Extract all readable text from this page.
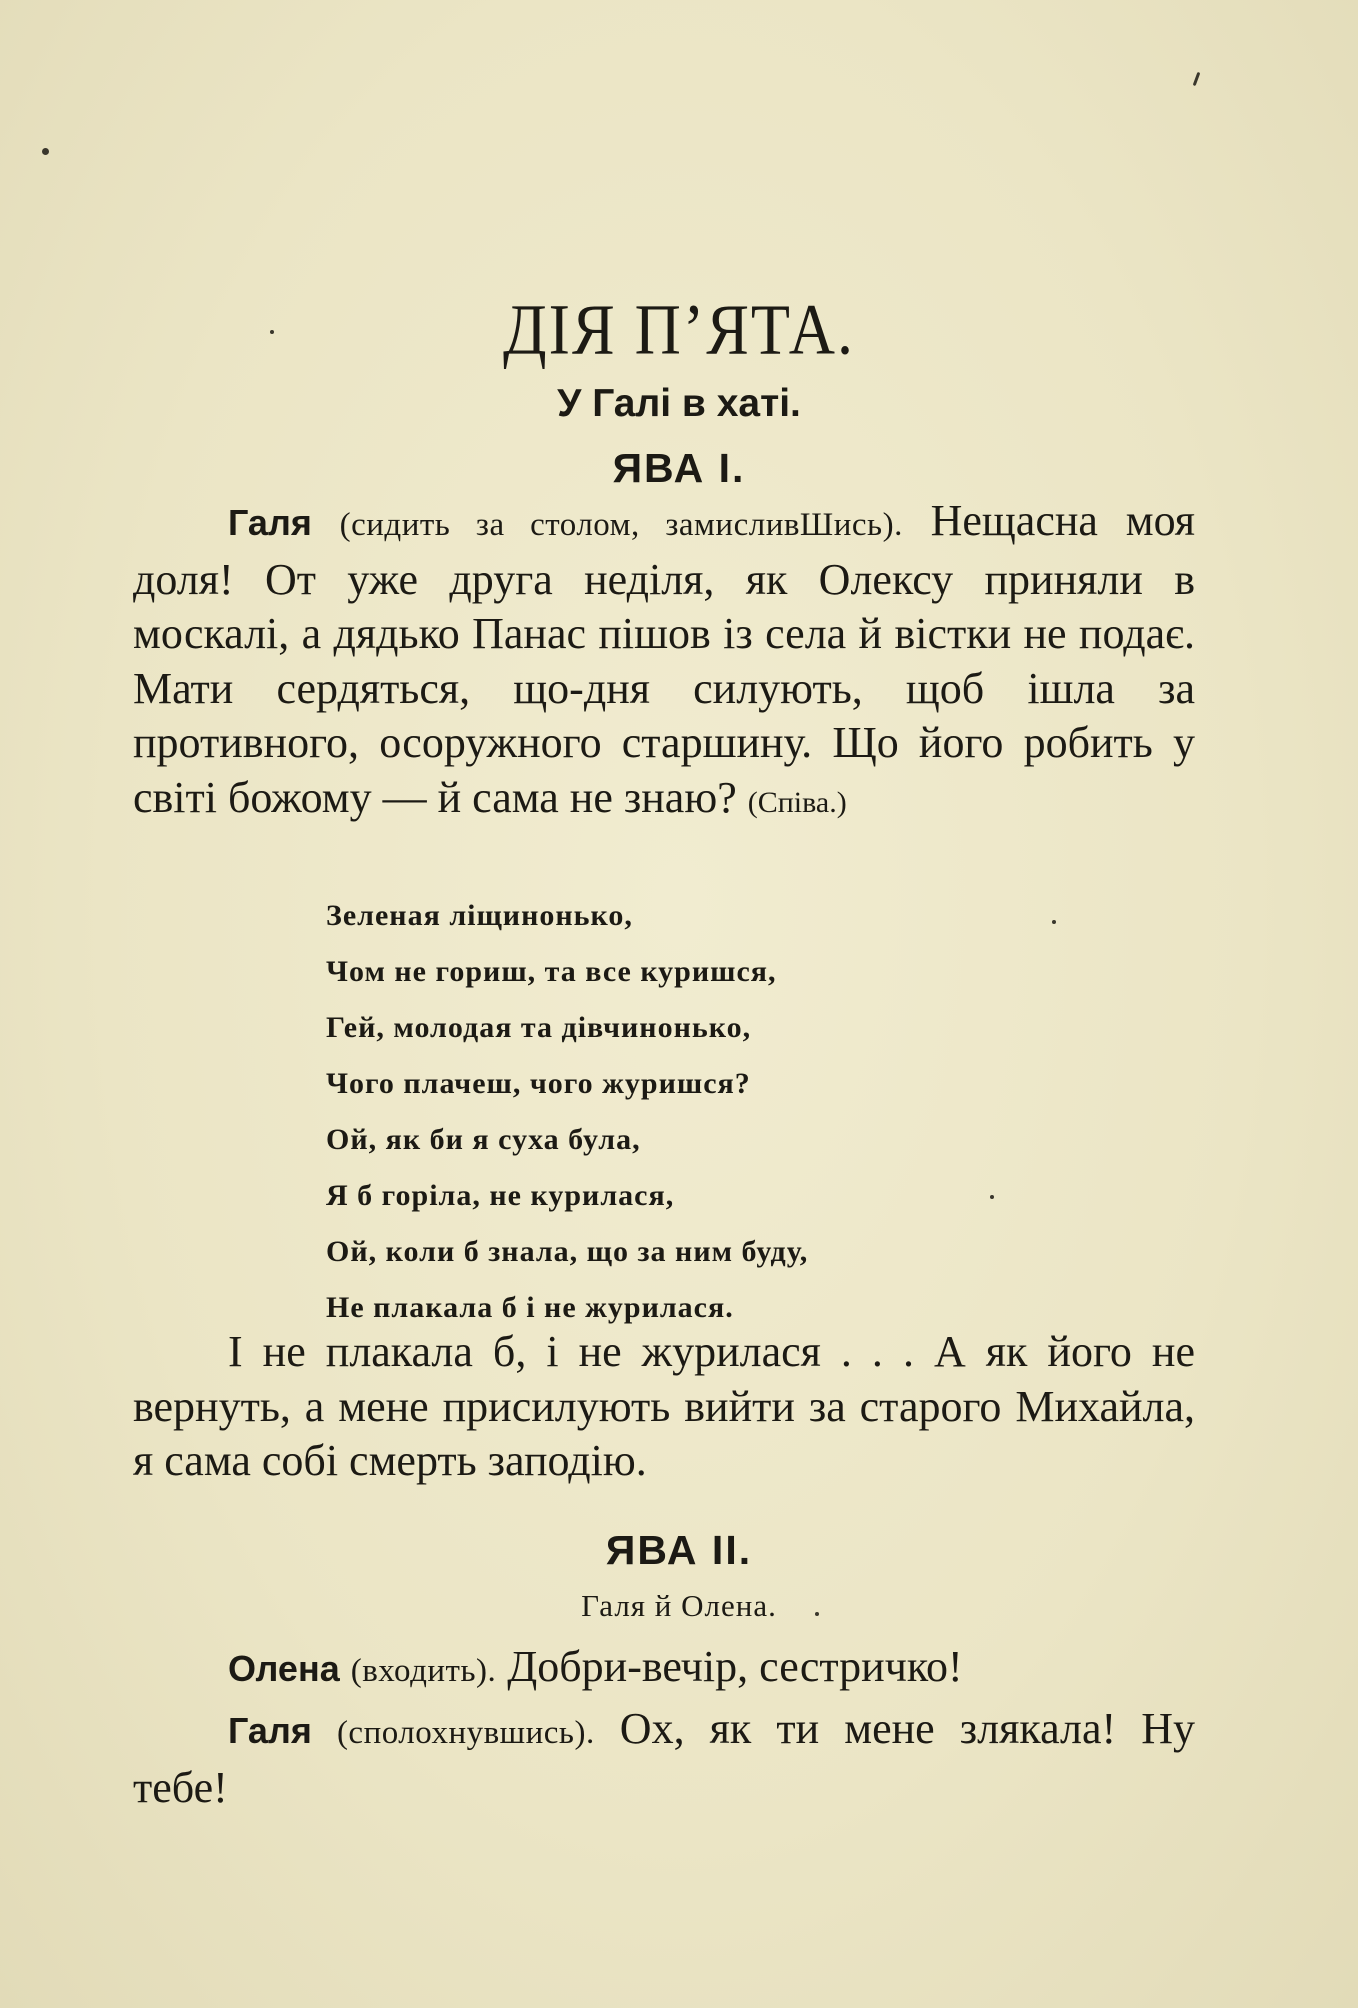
ДІЯ П’ЯТА.
У Галі в хаті.
ЯВА І.

Галя (сидить за столом, замисливШись). Нещасна моя доля! От уже друга неділя, як Олексу приняли в москалі, а дядько Панас пішов із села й вістки не подає. Мати сердяться, що-дня силують, щоб ішла за противного, осоружного старшину. Що його робить у світі божому — й сама не знаю? (Співа.)

Зеленая ліщинонько,
Чом не гориш, та все куришся,
Гей, молодая та дівчинонько,
Чого плачеш, чого журишся?
Ой, як би я суха була,
Я б горіла, не курилася,
Ой, коли б знала, що за ним буду,
Не плакала б і не журилася.

І не плакала б, і не журилася . . . А як його не вернуть, а мене присилують вийти за старого Михайла, я сама собі смерть заподію.

ЯВА ІІ.
Галя й Олена.

Олена (входить). Добри-вечір, сестричко!

Галя (сполохнувшись). Ох, як ти мене злякала! Ну тебе!
